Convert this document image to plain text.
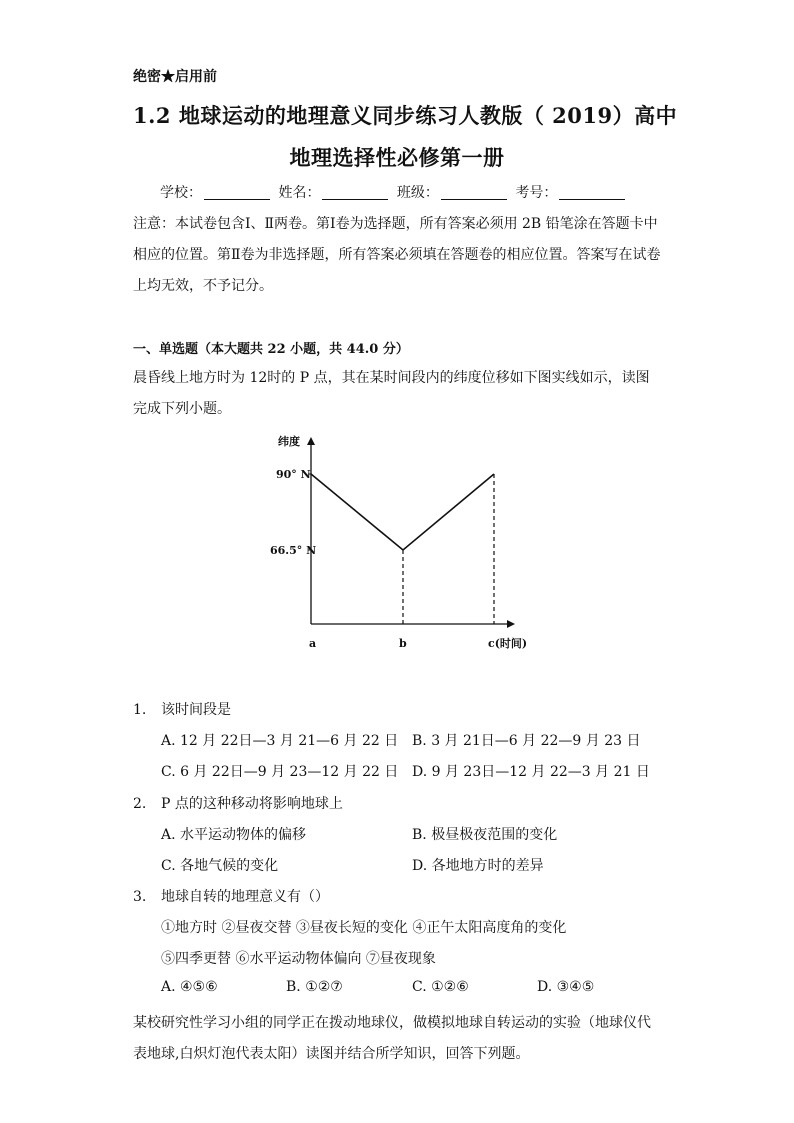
绝密★启用前
1.2 地球运动的地理意义同步练习人教版（ 2019）高中
地理选择性必修第一册
学校：	姓名：	班级：	考号：
注意：本试卷包含Ⅰ、Ⅱ两卷。第Ⅰ卷为选择题，所有答案必须用 2B 铅笔涂在答题卡中相应的位置。第Ⅱ卷为非选择题，所有答案必须填在答题卷的相应位置。答案写在试卷上均无效，不予记分。
一、单选题（本大题共 22 小题，共 44.0 分）
晨昏线上地方时为 12时的 P 点，其在某时间段内的纬度位移如下图实线如示，读图完成下列小题。
纬度
90° N
66.5° N
a	b	c(时间)
1. 该时间段是
A. 12 月 22日—3 月 21—6 月 22 日 B. 3 月 21日—6 月 22—9 月 23 日
C. 6 月 22日—9 月 23—12 月 22 日 D. 9 月 23日—12 月 22—3 月 21 日
2. P 点的这种移动将影响地球上
A. 水平运动物体的偏移	B. 极昼极夜范围的变化
C. 各地气候的变化	D. 各地地方时的差异
3. 地球自转的地理意义有（）
①地方时 ②昼夜交替 ③昼夜长短的变化 ④正午太阳高度角的变化
⑤四季更替 ⑥水平运动物体偏向 ⑦昼夜现象
A. ④⑤⑥	B. ①②⑦	C. ①②⑥	D. ③④⑤
某校研究性学习小组的同学正在拨动地球仪，做模拟地球自转运动的实验（地球仪代表地球,白炽灯泡代表太阳）读图并结合所学知识，回答下列题。
